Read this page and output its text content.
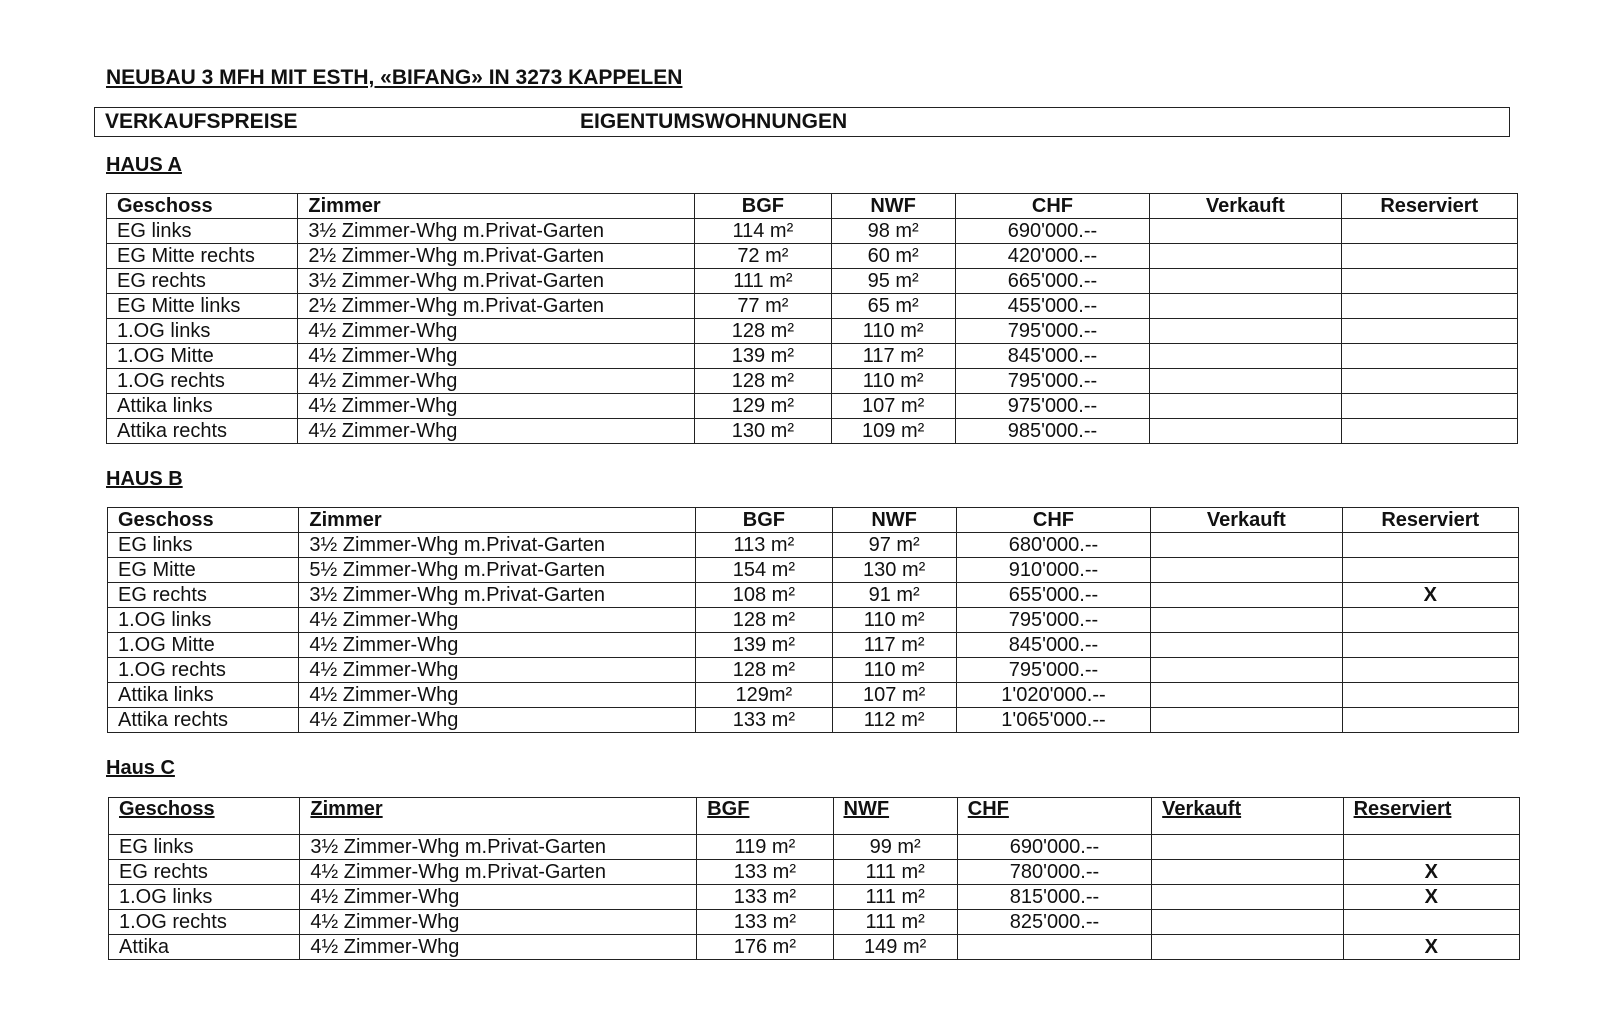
NEUBAU 3 MFH MIT ESTH, «BIFANG» IN 3273 KAPPELEN
VERKAUFSPREISE	EIGENTUMSWOHNUNGEN
HAUS A
Geschoss	Zimmer	BGF	NWF	CHF	Verkauft	Reserviert
EG links	3½ Zimmer-Whg m.Privat-Garten	114 m²	98 m²	690'000.--		
EG Mitte rechts	2½ Zimmer-Whg m.Privat-Garten	72 m²	60 m²	420'000.--		
EG rechts	3½ Zimmer-Whg m.Privat-Garten	111 m²	95 m²	665'000.--		
EG Mitte links	2½ Zimmer-Whg m.Privat-Garten	77 m²	65 m²	455'000.--		
1.OG links	4½ Zimmer-Whg	128 m²	110 m²	795'000.--		
1.OG Mitte	4½ Zimmer-Whg	139 m²	117 m²	845'000.--		
1.OG rechts	4½ Zimmer-Whg	128 m²	110 m²	795'000.--		
Attika links	4½ Zimmer-Whg	129 m²	107 m²	975'000.--		
Attika rechts	4½ Zimmer-Whg	130 m²	109 m²	985'000.--		
HAUS B
Geschoss	Zimmer	BGF	NWF	CHF	Verkauft	Reserviert
EG links	3½ Zimmer-Whg m.Privat-Garten	113 m²	97 m²	680'000.--		
EG Mitte	5½ Zimmer-Whg m.Privat-Garten	154 m²	130 m²	910'000.--		
EG rechts	3½ Zimmer-Whg m.Privat-Garten	108 m²	91 m²	655'000.--		X
1.OG links	4½ Zimmer-Whg	128 m²	110 m²	795'000.--		
1.OG Mitte	4½ Zimmer-Whg	139 m²	117 m²	845'000.--		
1.OG rechts	4½ Zimmer-Whg	128 m²	110 m²	795'000.--		
Attika links	4½ Zimmer-Whg	129m²	107 m²	1'020'000.--		
Attika rechts	4½ Zimmer-Whg	133 m²	112 m²	1'065'000.--		
Haus C
Geschoss	Zimmer	BGF	NWF	CHF	Verkauft	Reserviert
EG links	3½ Zimmer-Whg m.Privat-Garten	119 m²	99 m²	690'000.--		
EG rechts	4½ Zimmer-Whg m.Privat-Garten	133 m²	111 m²	780'000.--		X
1.OG links	4½ Zimmer-Whg	133 m²	111 m²	815'000.--		X
1.OG rechts	4½ Zimmer-Whg	133 m²	111 m²	825'000.--		
Attika	4½ Zimmer-Whg	176 m²	149 m²			X
